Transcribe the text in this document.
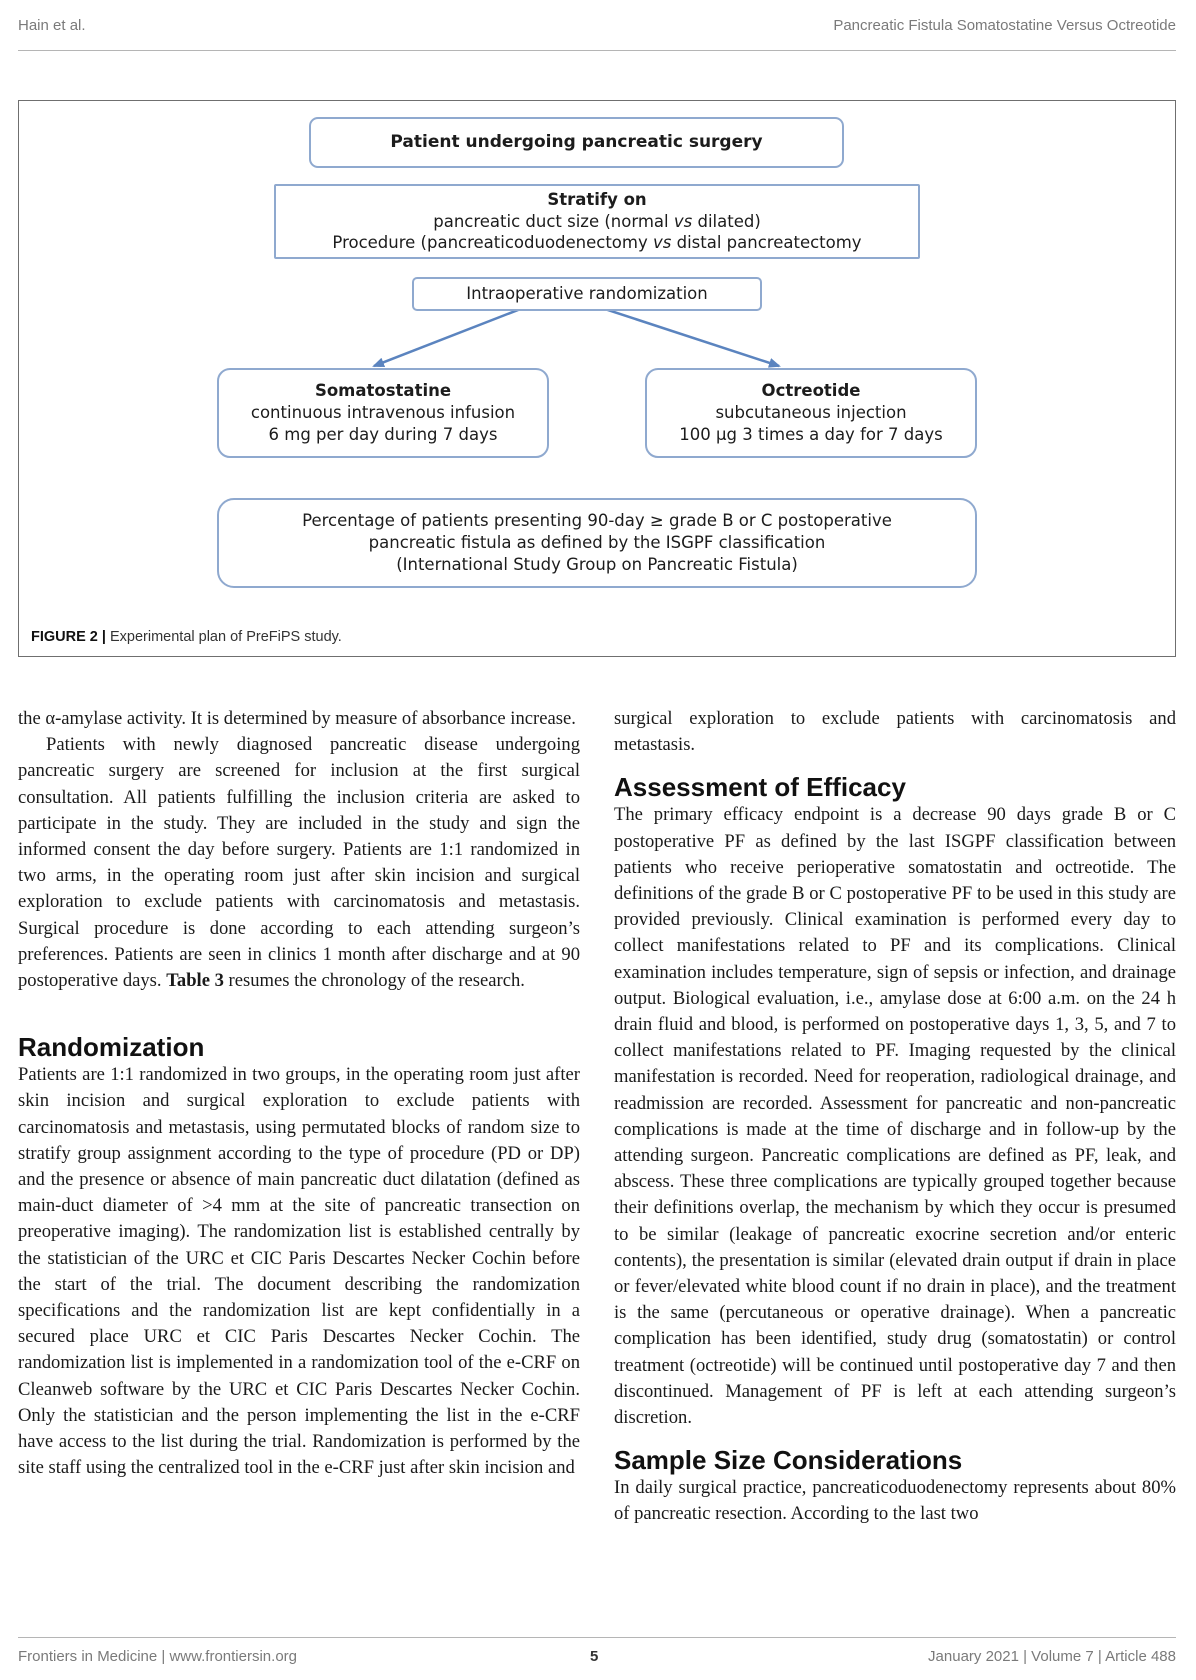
Hain et al.	Pancreatic Fistula Somatostatine Versus Octreotide
Patient undergoing pancreatic surgery
Stratify on
pancreatic duct size (normal vs dilated)
Procedure (pancreaticoduodenectomy vs distal pancreatectomy
Intraoperative randomization
Somatostatine
continuous intravenous infusion
6 mg per day during 7 days
Octreotide
subcutaneous injection
100 µg 3 times a day for 7 days
Percentage of patients presenting 90-day ≥ grade B or C postoperative
pancreatic fistula as defined by the ISGPF classification
(International Study Group on Pancreatic Fistula)
FIGURE 2 | Experimental plan of PreFiPS study.

the α-amylase activity. It is determined by measure of absorbance increase.

Patients with newly diagnosed pancreatic disease undergoing pancreatic surgery are screened for inclusion at the first surgical consultation. All patients fulfilling the inclusion criteria are asked to participate in the study. They are included in the study and sign the informed consent the day before surgery. Patients are 1:1 randomized in two arms, in the operating room just after skin incision and surgical exploration to exclude patients with carcinomatosis and metastasis. Surgical procedure is done according to each attending surgeon’s preferences. Patients are seen in clinics 1 month after discharge and at 90 postoperative days. Table 3 resumes the chronology of the research.

Randomization

Patients are 1:1 randomized in two groups, in the operating room just after skin incision and surgical exploration to exclude patients with carcinomatosis and metastasis, using permutated blocks of random size to stratify group assignment according to the type of procedure (PD or DP) and the presence or absence of main pancreatic duct dilatation (defined as main-duct diameter of >4 mm at the site of pancreatic transection on preoperative imaging). The randomization list is established centrally by the statistician of the URC et CIC Paris Descartes Necker Cochin before the start of the trial. The document describing the randomization specifications and the randomization list are kept confidentially in a secured place URC et CIC Paris Descartes Necker Cochin. The randomization list is implemented in a randomization tool of the e-CRF on Cleanweb software by the URC et CIC Paris Descartes Necker Cochin. Only the statistician and the person implementing the list in the e-CRF have access to the list during the trial. Randomization is performed by the site staff using the centralized tool in the e-CRF just after skin incision and

surgical exploration to exclude patients with carcinomatosis and metastasis.

Assessment of Efficacy

The primary efficacy endpoint is a decrease 90 days grade B or C postoperative PF as defined by the last ISGPF classification between patients who receive perioperative somatostatin and octreotide. The definitions of the grade B or C postoperative PF to be used in this study are provided previously. Clinical examination is performed every day to collect manifestations related to PF and its complications. Clinical examination includes temperature, sign of sepsis or infection, and drainage output. Biological evaluation, i.e., amylase dose at 6:00 a.m. on the 24 h drain fluid and blood, is performed on postoperative days 1, 3, 5, and 7 to collect manifestations related to PF. Imaging requested by the clinical manifestation is recorded. Need for reoperation, radiological drainage, and readmission are recorded. Assessment for pancreatic and non-pancreatic complications is made at the time of discharge and in follow-up by the attending surgeon. Pancreatic complications are defined as PF, leak, and abscess. These three complications are typically grouped together because their definitions overlap, the mechanism by which they occur is presumed to be similar (leakage of pancreatic exocrine secretion and/or enteric contents), the presentation is similar (elevated drain output if drain in place or fever/elevated white blood count if no drain in place), and the treatment is the same (percutaneous or operative drainage). When a pancreatic complication has been identified, study drug (somatostatin) or control treatment (octreotide) will be continued until postoperative day 7 and then discontinued. Management of PF is left at each attending surgeon’s discretion.

Sample Size Considerations

In daily surgical practice, pancreaticoduodenectomy represents about 80% of pancreatic resection. According to the last two

Frontiers in Medicine | www.frontiersin.org	5	January 2021 | Volume 7 | Article 488
